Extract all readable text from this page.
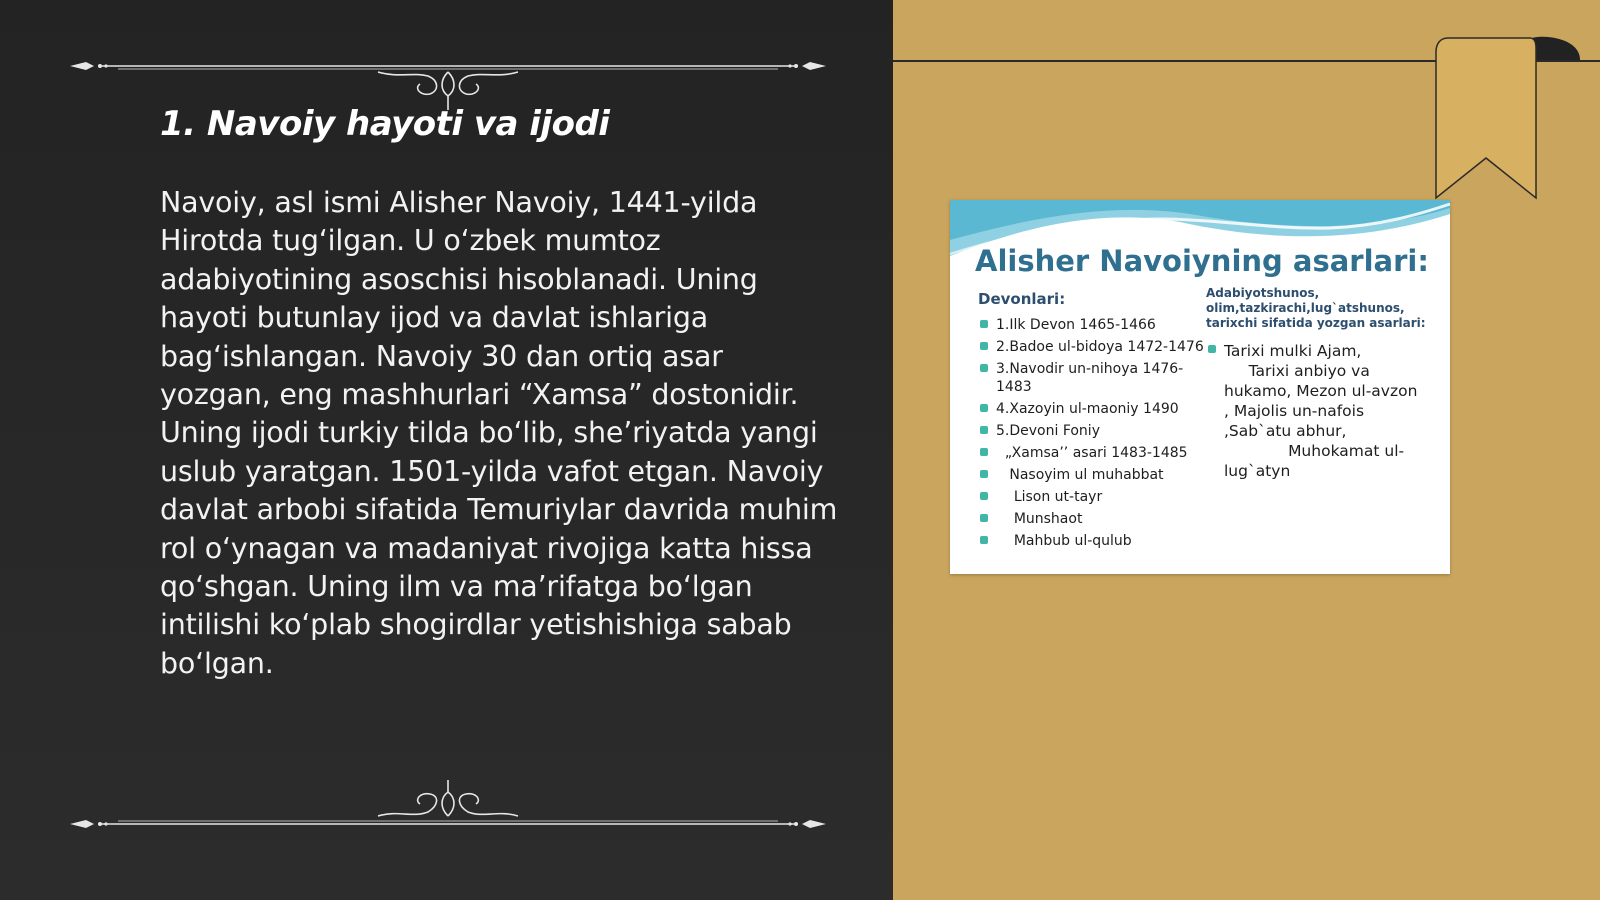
1. Navoiy hayoti va ijodi

Navoiy, asl ismi Alisher Navoiy, 1441-yilda Hirotda tug‘ilgan. U o‘zbek mumtoz adabiyotining asoschisi hisoblanadi. Uning hayoti butunlay ijod va davlat ishlariga bag‘ishlangan. Navoiy 30 dan ortiq asar yozgan, eng mashhurlari “Xamsa” dostonidir. Uning ijodi turkiy tilda bo‘lib, she’riyatda yangi uslub yaratgan. 1501-yilda vafot etgan. Navoiy davlat arbobi sifatida Temuriylar davrida muhim rol o‘ynagan va madaniyat rivojiga katta hissa qo‘shgan. Uning ilm va ma’rifatga bo‘lgan intilishi ko‘plab shogirdlar yetishishiga sabab bo‘lgan.

Alisher Navoiyning asarlari:

Devonlari:

1.Ilk Devon 1465-1466
2.Badoe ul-bidoya 1472-1476
3.Navodir un-nihoya 1476-1483
4.Xazoyin ul-maoniy 1490
5.Devoni Foniy
„Xamsa’’ asari 1483-1485
Nasoyim ul muhabbat
Lison ut-tayr
Munshaot
Mahbub ul-qulub

Adabiyotshunos, olim,tazkirachi,lug`atshunos, tarixchi sifatida yozgan asarlari:

Tarixi mulki Ajam,
Tarixi anbiyo va hukamo, Mezon ul-avzon              , Majolis un-nafois
,Sab`atu abhur,
Muhokamat ul-lug`atyn
